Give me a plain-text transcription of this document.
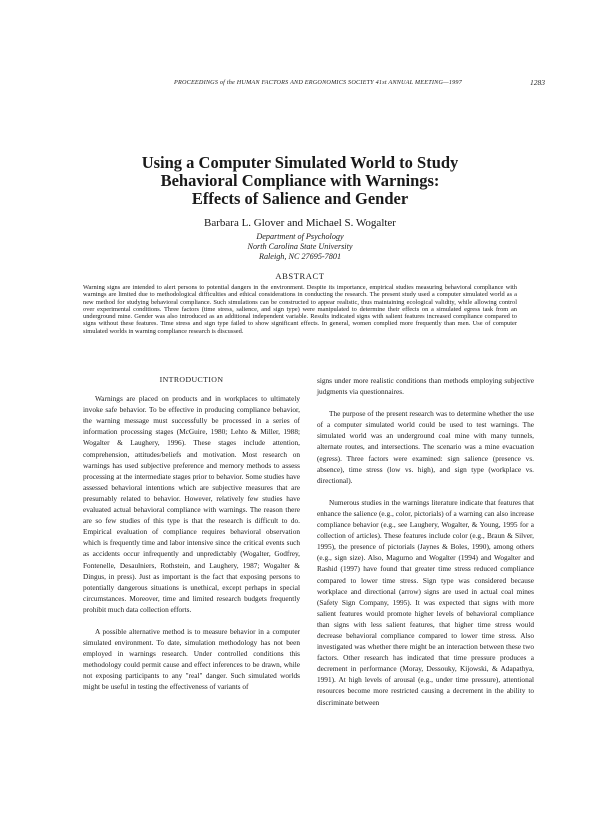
PROCEEDINGS of the HUMAN FACTORS AND ERGONOMICS SOCIETY 41st ANNUAL MEETING—1997	1283
Using a Computer Simulated World to Study
Behavioral Compliance with Warnings:
Effects of Salience and Gender
Barbara L. Glover and Michael S. Wogalter
Department of Psychology
North Carolina State University
Raleigh, NC 27695-7801
ABSTRACT

Warning signs are intended to alert persons to potential dangers in the environment. Despite its importance, empirical studies measuring behavioral compliance with warnings are limited due to methodological difficulties and ethical considerations in conducting the research. The present study used a computer simulated world as a new method for studying behavioral compliance. Such simulations can be constructed to appear realistic, thus maintaining ecological validity, while allowing control over experimental conditions. Three factors (time stress, salience, and sign type) were manipulated to determine their effects on a simulated egress task from an underground mine. Gender was also introduced as an additional independent variable. Results indicated signs with salient features increased compliance compared to signs without these features. Time stress and sign type failed to show significant effects. In general, women complied more frequently than men. Use of computer simulated worlds in warning compliance research is discussed.

INTRODUCTION

Warnings are placed on products and in workplaces to ultimately invoke safe behavior. To be effective in producing compliance behavior, the warning message must successfully be processed in a series of information processing stages (McGuire, 1980; Lehto & Miller, 1988; Wogalter & Laughery, 1996). These stages include attention, comprehension, attitudes/beliefs and motivation. Most research on warnings has used subjective preference and memory methods to assess processing at the intermediate stages prior to behavior. Some studies have assessed behavioral intentions which are subjective measures that are presumably related to behavior. However, relatively few studies have evaluated actual behavioral compliance with warnings. The reason there are so few studies of this type is that the research is difficult to do. Empirical evaluation of compliance requires behavioral observation which is frequently time and labor intensive since the critical events such as accidents occur infrequently and unpredictably (Wogalter, Godfrey, Fontenelle, Desaulniers, Rothstein, and Laughery, 1987; Wogalter & Dingus, in press). Just as important is the fact that exposing persons to potentially dangerous situations is unethical, except perhaps in special circumstances. Moreover, time and limited research budgets frequently prohibit much data collection efforts.

A possible alternative method is to measure behavior in a computer simulated environment. To date, simulation methodology has not been employed in warnings research. Under controlled conditions this methodology could permit cause and effect inferences to be drawn, while not exposing participants to any "real" danger. Such simulated worlds might be useful in testing the effectiveness of variants of

signs under more realistic conditions than methods employing subjective judgments via questionnaires.

The purpose of the present research was to determine whether the use of a computer simulated world could be used to test warnings. The simulated world was an underground coal mine with many tunnels, alternate routes, and intersections. The scenario was a mine evacuation (egress). Three factors were examined: sign salience (presence vs. absence), time stress (low vs. high), and sign type (workplace vs. directional).

Numerous studies in the warnings literature indicate that features that enhance the salience (e.g., color, pictorials) of a warning can also increase compliance behavior (e.g., see Laughery, Wogalter, & Young, 1995 for a collection of articles). These features include color (e.g., Braun & Silver, 1995), the presence of pictorials (Jaynes & Boles, 1990), among others (e.g., sign size). Also, Magurno and Wogalter (1994) and Wogalter and Rashid (1997) have found that greater time stress reduced compliance compared to lower time stress. Sign type was considered because workplace and directional (arrow) signs are used in actual coal mines (Safety Sign Company, 1995). It was expected that signs with more salient features would promote higher levels of behavioral compliance than signs with less salient features, that higher time stress would decrease behavioral compliance compared to lower time stress. Also investigated was whether there might be an interaction between these two factors. Other research has indicated that time pressure produces a decrement in performance (Moray, Dessouky, Kijowski, & Adapathya, 1991). At high levels of arousal (e.g., under time pressure), attentional resources become more restricted causing a decrement in the ability to discriminate between
